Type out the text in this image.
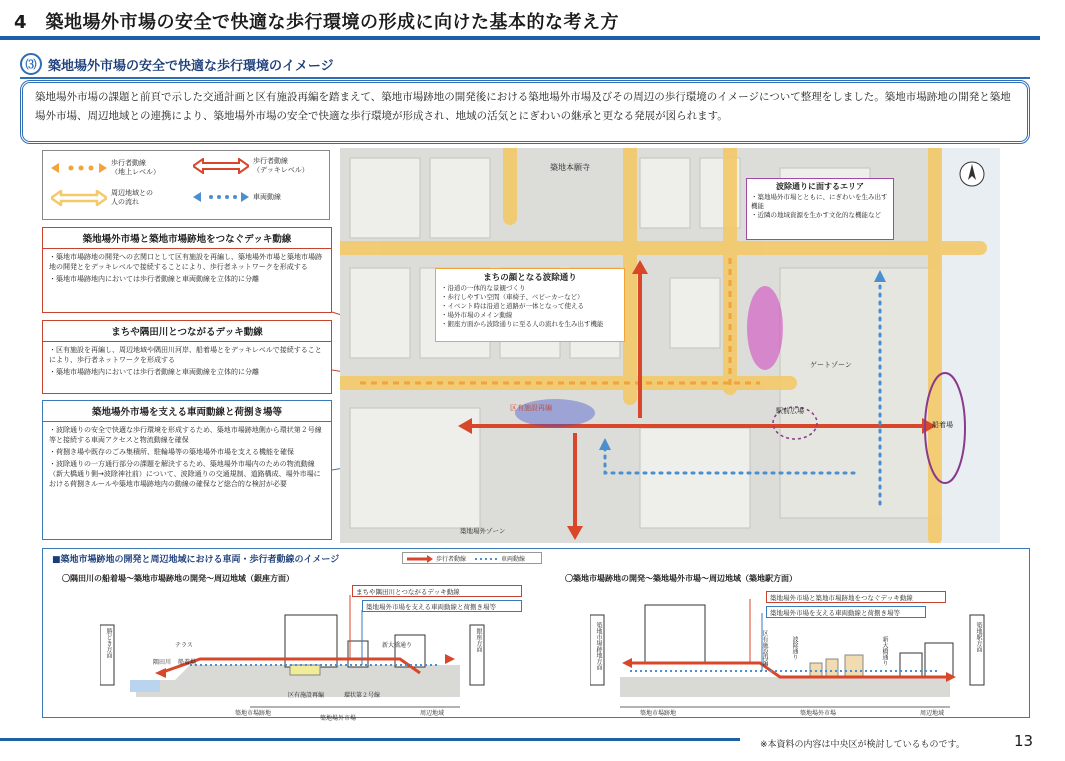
4　築地場外市場の安全で快適な歩行環境の形成に向けた基本的な考え方
⑶ 築地場外市場の安全で快適な歩行環境のイメージ
築地場外市場の課題と前頁で示した交通計画と区有施設再編を踏まえて、築地市場跡地の開発後における築地場外市場及びその周辺の歩行環境のイメージについて整理をしました。築地市場跡地の開発と築地場外市場、周辺地域との連携により、築地場外市場の安全で快適な歩行環境が形成され、地域の活気とにぎわいの継承と更なる発展が図られます。
歩行者動線
（地上レベル）
歩行者動線
（デッキレベル）
周辺地域との
人の流れ
車両動線
築地場外市場と築地市場跡地をつなぐデッキ動線
・築地市場跡地の開発への玄関口として区有施設を再編し、築地場外市場と築地市場跡地の開発とをデッキレベルで接続することにより、歩行者ネットワークを形成する
・築地市場跡地内においては歩行者動線と車両動線を立体的に分離
まちや隅田川とつながるデッキ動線
・区有施設を再編し、周辺地域や隅田川河岸、船着場とをデッキレベルで接続することにより、歩行者ネットワークを形成する
・築地市場跡地内においては歩行者動線と車両動線を立体的に分離
築地場外市場を支える車両動線と荷捌き場等
・波除通りの安全で快適な歩行環境を形成するため、築地市場跡地側から環状第２号線等と接続する車両アクセスと物流動線を確保
・荷捌き場や既存のごみ集積所、駐輪場等の築地場外市場を支える機能を確保
・波除通りの一方通行部分の課題を解決するため、築地場外市場内のための物流動線（新大橋通り側→波除神社前）について、波除通りの交通規制、道路構成、場外市場における荷捌きルールや築地市場跡地内の動線の確保など総合的な検討が必要
築地本願寺
区有施設再編
ゲートゾーン
駅前広場
船着場
築地場外ゾーン
波除通りに面するエリア
・築地場外市場とともに、にぎわいを生み出す機能
・近隣の地域資源を生かす文化的な機能など
まちの顔となる波除通り
・沿道の一体的な景観づくり
・歩行しやすい空間（車椅子、ベビーカーなど）
・イベント時は沿道と道路が一体となって使える
・場外市場のメイン動線
・銀座方面から波除通りに至る人の流れを生み出す機能
■築地市場跡地の開発と周辺地域における車両・歩行者動線のイメージ	歩行者動線	車両動線
〇隅田川の船着場～築地市場跡地の開発～周辺地域（銀座方面）	〇築地市場跡地の開発～築地場外市場～周辺地域（築地駅方面）
まちや隅田川とつながるデッキ動線
築地場外市場を支える車両動線と荷捌き場等
隅田川
テラス
船着場
区有施設再編	環状第２号線
新大橋通り
築地市場跡地
築地場外市場
周辺地域
勝どき方面	銀座方面
築地場外市場と築地市場跡地をつなぐデッキ動線
築地場外市場を支える車両動線と荷捌き場等
区有施設再編	波除通り	新大橋通り
築地市場跡地	築地場外市場	周辺地域
築地市場跡地方面	築地駅方面
※本資料の内容は中央区が検討しているものです。	13
